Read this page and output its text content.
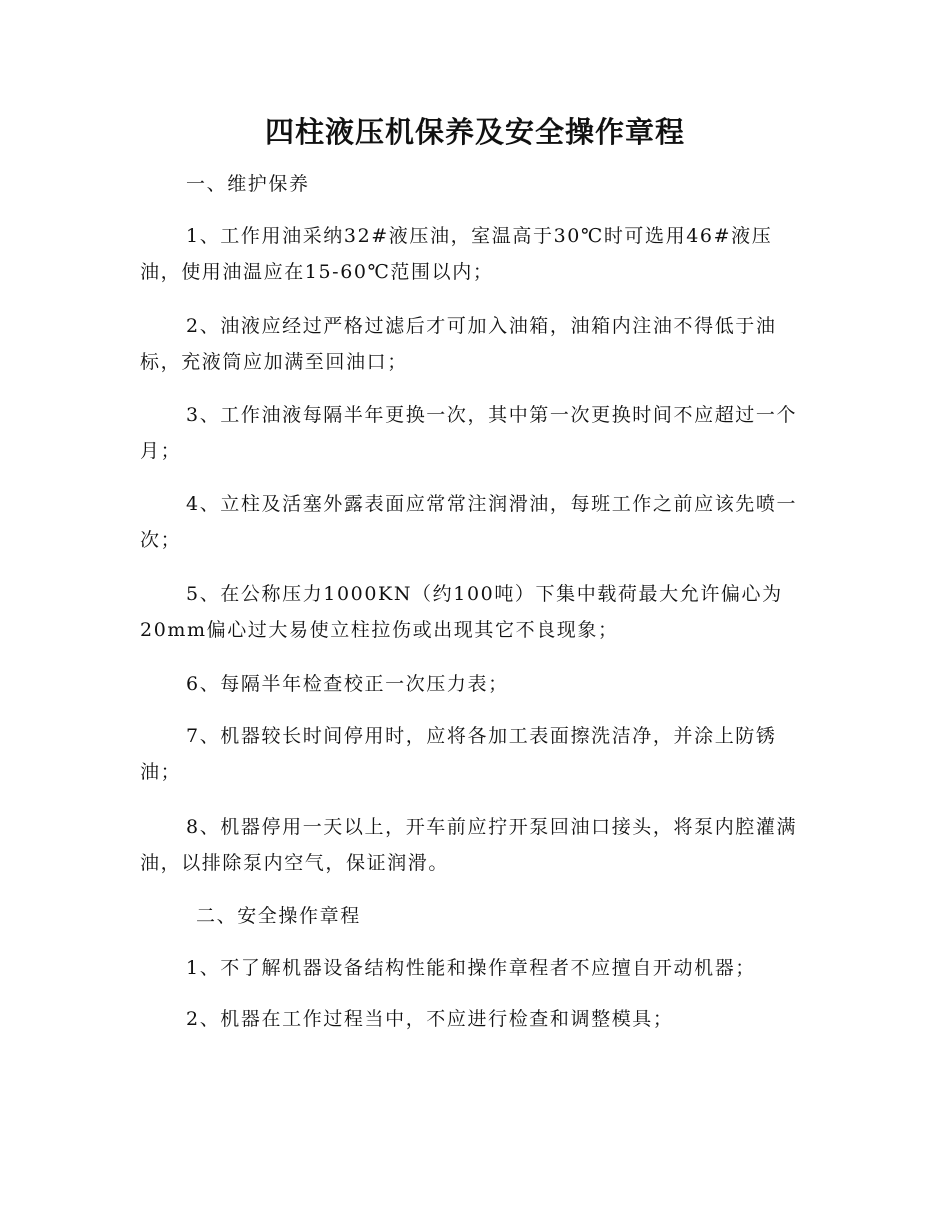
四柱液压机保养及安全操作章程

一、维护保养

1、工作用油采纳32#液压油，室温高于30℃时可选用46#液压油，使用油温应在15-60℃范围以内；

2、油液应经过严格过滤后才可加入油箱，油箱内注油不得低于油标，充液筒应加满至回油口；

3、工作油液每隔半年更换一次，其中第一次更换时间不应超过一个月；

4、立柱及活塞外露表面应常常注润滑油，每班工作之前应该先喷一次；

5、在公称压力1000KN（约100吨）下集中载荷最大允许偏心为20mm偏心过大易使立柱拉伤或出现其它不良现象；

6、每隔半年检查校正一次压力表；

7、机器较长时间停用时，应将各加工表面擦洗洁净，并涂上防锈油；

8、机器停用一天以上，开车前应拧开泵回油口接头，将泵内腔灌满油，以排除泵内空气，保证润滑。

二、安全操作章程

1、不了解机器设备结构性能和操作章程者不应擅自开动机器；

2、机器在工作过程当中，不应进行检查和调整模具；
